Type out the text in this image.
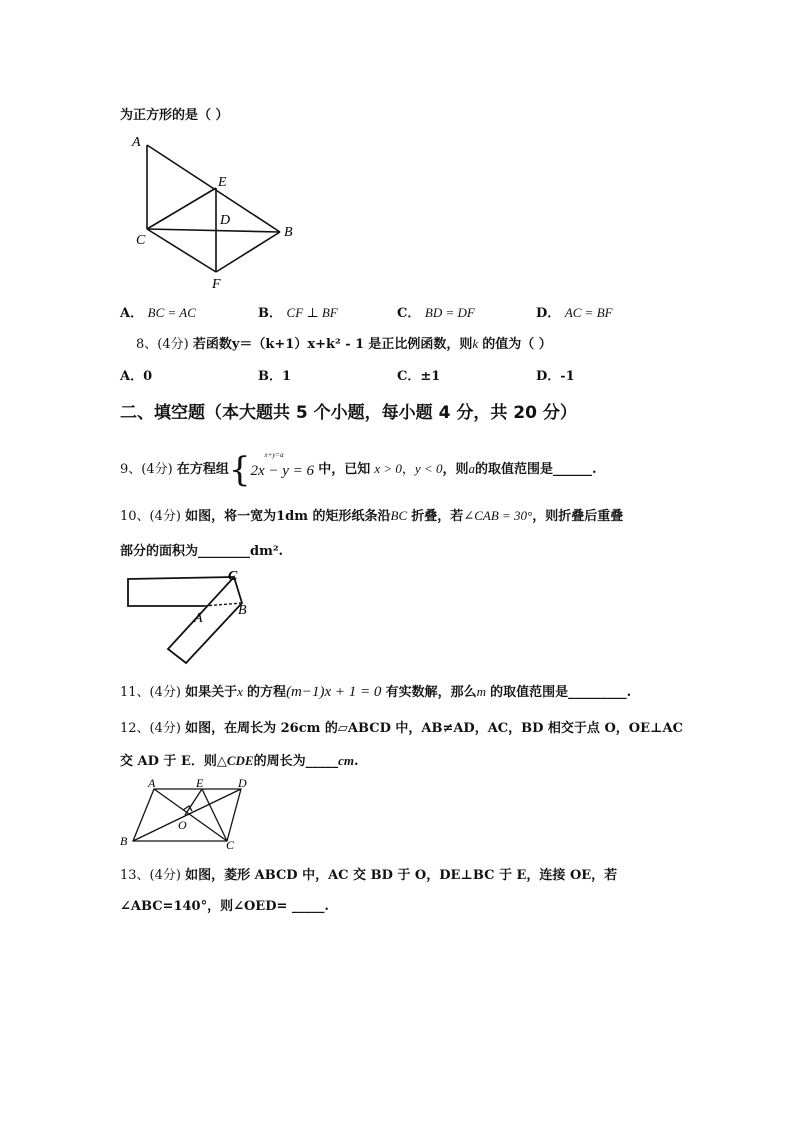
为正方形的是（ ）
A
E
D
C
B
F
A． BC = AC	B． CF ⊥ BF	C． BD = DF	D． AC = BF
8、(4分) 若函数y＝（k+1）x+k² - 1 是正比例函数，则k 的值为（ ）
A．0	B．1	C．±1	D．-1
二、填空题（本大题共 5 个小题，每小题 4 分，共 20 分）
9、(4分) 在方程组{ x+y=a
2x − y = 6 中，已知 x > 0，y < 0，则a的取值范围是______.
10、(4分) 如图，将一宽为1dm 的矩形纸条沿BC 折叠，若∠CAB = 30°，则折叠后重叠
部分的面积为________dm².
C
A
B
11、(4分) 如果关于x 的方程(m−1)x + 1 = 0 有实数解，那么m 的取值范围是_________.
12、(4分) 如图，在周长为 26cm 的▱ABCD 中，AB≠AD，AC，BD 相交于点 O，OE⊥AC
交 AD 于 E．则△CDE的周长为_____cm.
A	E	D
O
B	C
13、(4分) 如图，菱形 ABCD 中，AC 交 BD 于 O，DE⊥BC 于 E，连接 OE，若
∠ABC=140°，则∠OED= _____.
